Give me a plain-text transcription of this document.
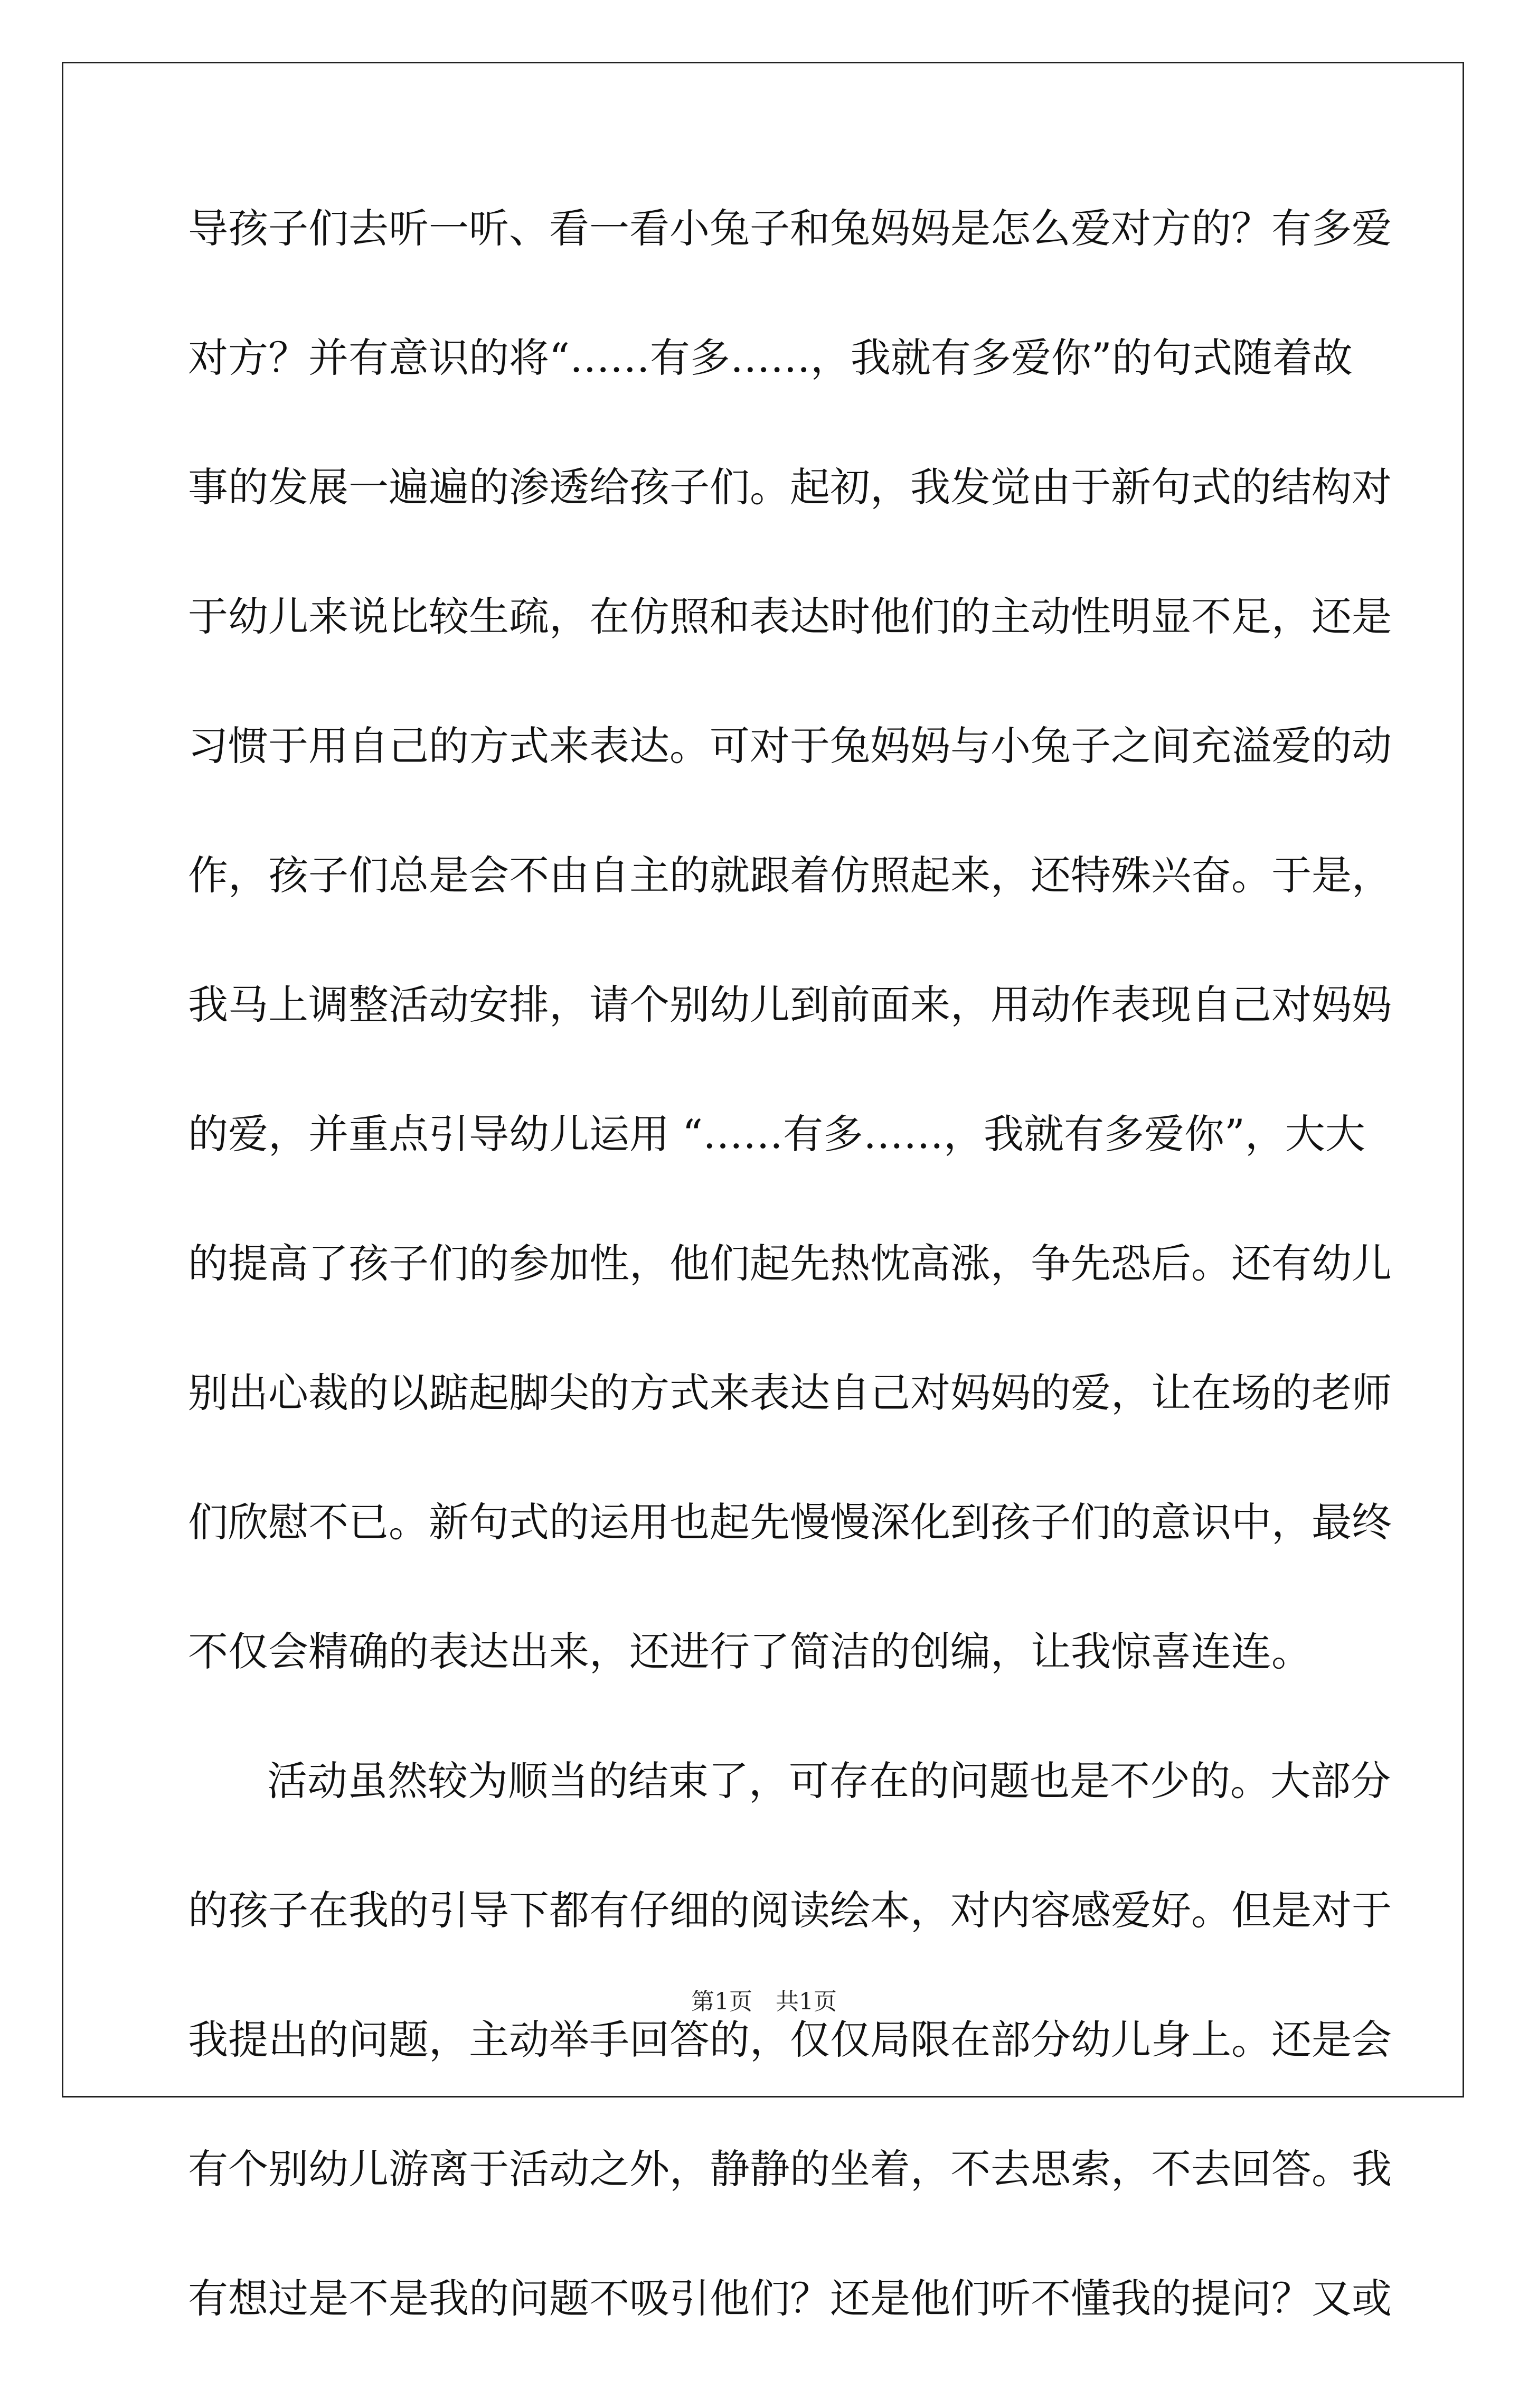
导孩子们去听一听、看一看小兔子和兔妈妈是怎么爱对方的？有多爱
对方？并有意识的将“……有多……，我就有多爱你”的句式随着故
事的发展一遍遍的渗透给孩子们。起初，我发觉由于新句式的结构对
于幼儿来说比较生疏，在仿照和表达时他们的主动性明显不足，还是
习惯于用自己的方式来表达。可对于兔妈妈与小兔子之间充溢爱的动
作，孩子们总是会不由自主的就跟着仿照起来，还特殊兴奋。于是，
我马上调整活动安排，请个别幼儿到前面来，用动作表现自己对妈妈
的爱，并重点引导幼儿运用 “……有多……，我就有多爱你”，大大
的提高了孩子们的参加性，他们起先热忱高涨，争先恐后。还有幼儿
别出心裁的以踮起脚尖的方式来表达自己对妈妈的爱，让在场的老师
们欣慰不已。新句式的运用也起先慢慢深化到孩子们的意识中，最终
不仅会精确的表达出来，还进行了简洁的创编，让我惊喜连连。
活动虽然较为顺当的结束了，可存在的问题也是不少的。大部分
的孩子在我的引导下都有仔细的阅读绘本，对内容感爱好。但是对于
我提出的问题，主动举手回答的，仅仅局限在部分幼儿身上。还是会
有个别幼儿游离于活动之外，静静的坐着，不去思索，不去回答。我
有想过是不是我的问题不吸引他们？还是他们听不懂我的提问？又或
第1页　共1页
